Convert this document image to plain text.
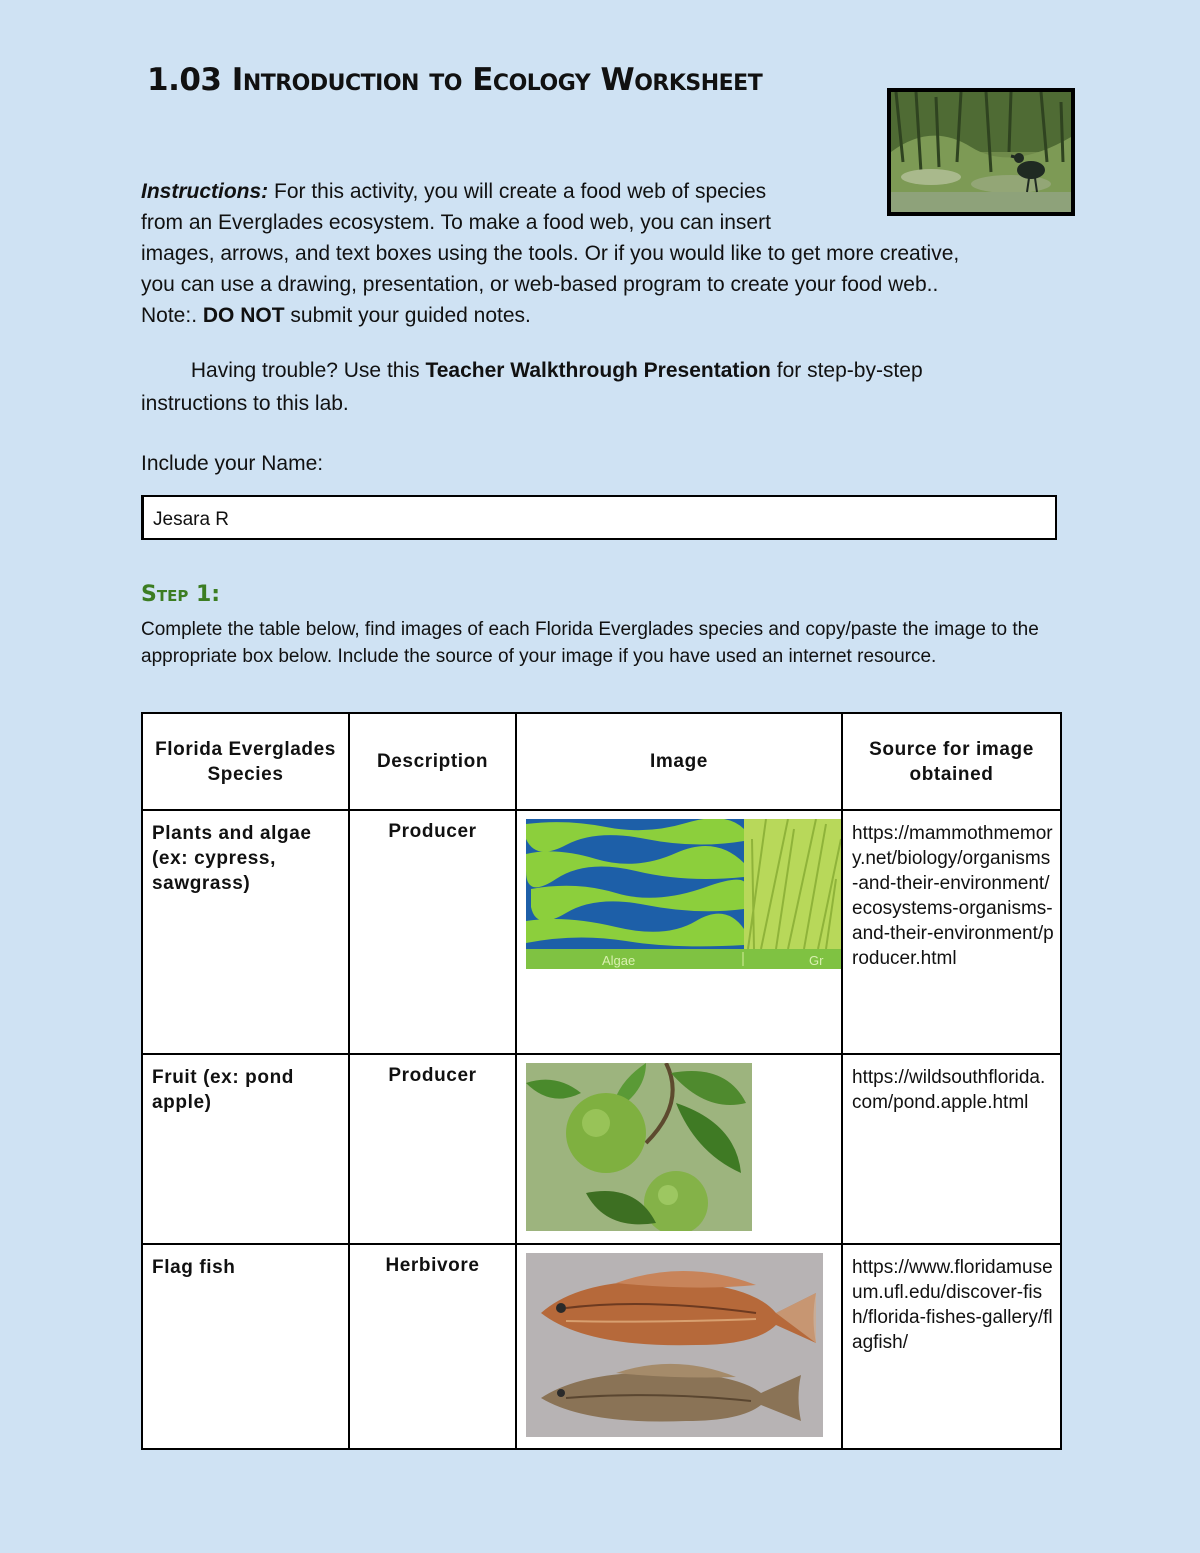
1.03 Introduction to Ecology Worksheet
Instructions: For this activity, you will create a food web of species
from an Everglades ecosystem. To make a food web, you can insert
images, arrows, and text boxes using the tools. Or if you would like to get more creative,
you can use a drawing, presentation, or web-based program to create your food web..
Note:. DO NOT submit your guided notes.
Having trouble? Use this Teacher Walkthrough Presentation for step-by-step
instructions to this lab.
Include your Name:
Jesara R
Step 1:
Complete the table below, find images of each Florida Everglades species and copy/paste the image to the appropriate box below. Include the source of your image if you have used an internet resource.
Florida Everglades Species	Description	Image	Source for image obtained
Plants and algae (ex: cypress, sawgrass)	Producer	Algae Gr	https://mammothmemory.net/biology/organisms-and-their-environment/ecosystems-organisms-and-their-environment/producer.html
Fruit (ex: pond apple)	Producer		https://wildsouthflorida.com/pond.apple.html
Flag fish	Herbivore		https://www.floridamuseum.ufl.edu/discover-fish/florida-fishes-gallery/flagfish/
